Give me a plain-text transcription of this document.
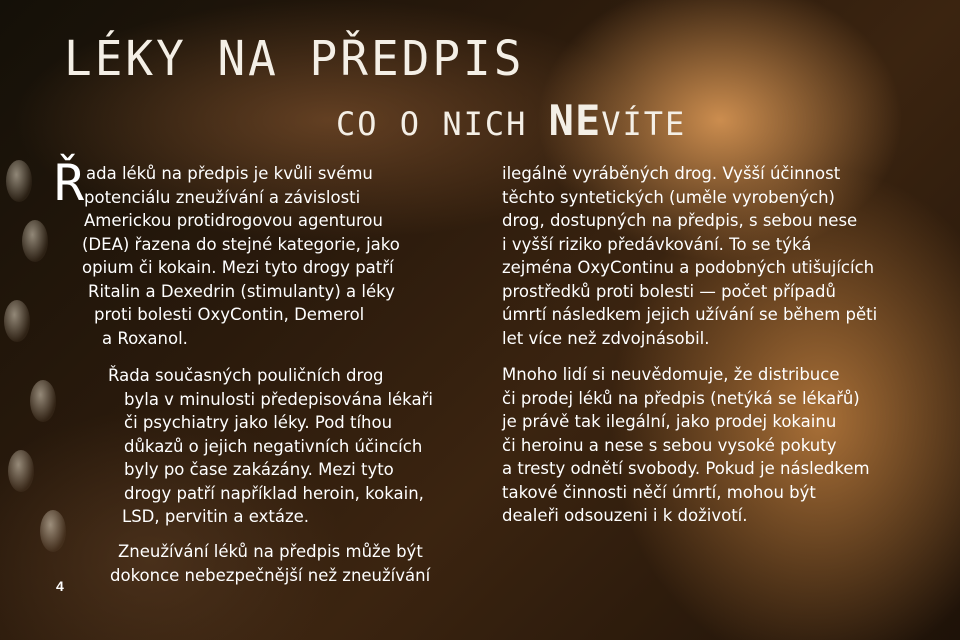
LÉKY NA PŘEDPIS
CO O NICH NEVÍTE
Ř ada léků na předpis je kvůli svému
potenciálu zneužívání a závislosti
Americkou protidrogovou agenturou
(DEA) řazena do stejné kategorie, jako
opium či kokain. Mezi tyto drogy patří
Ritalin a Dexedrin (stimulanty) a léky
proti bolesti OxyContin, Demerol
a Roxanol.

Řada současných pouličních drog
byla v minulosti předepisována lékaři
či psychiatry jako léky. Pod tíhou
důkazů o jejich negativních účincích
byly po čase zakázány. Mezi tyto
drogy patří například heroin, kokain,
LSD, pervitin a extáze.

Zneužívání léků na předpis může být
dokonce nebezpečnější než zneužívání

ilegálně vyráběných drog. Vyšší účinnost
těchto syntetických (uměle vyrobených)
drog, dostupných na předpis, s sebou nese
i vyšší riziko předávkování. To se týká
zejména OxyContinu a podobných utišujících
prostředků proti bolesti — počet případů
úmrtí následkem jejich užívání se během pěti
let více než zdvojnásobil.

Mnoho lidí si neuvědomuje, že distribuce
či prodej léků na předpis (netýká se lékařů)
je právě tak ilegální, jako prodej kokainu
či heroinu a nese s sebou vysoké pokuty
a tresty odnětí svobody. Pokud je následkem
takové činnosti něčí úmrtí, mohou být
dealeři odsouzeni i k doživotí.

4
